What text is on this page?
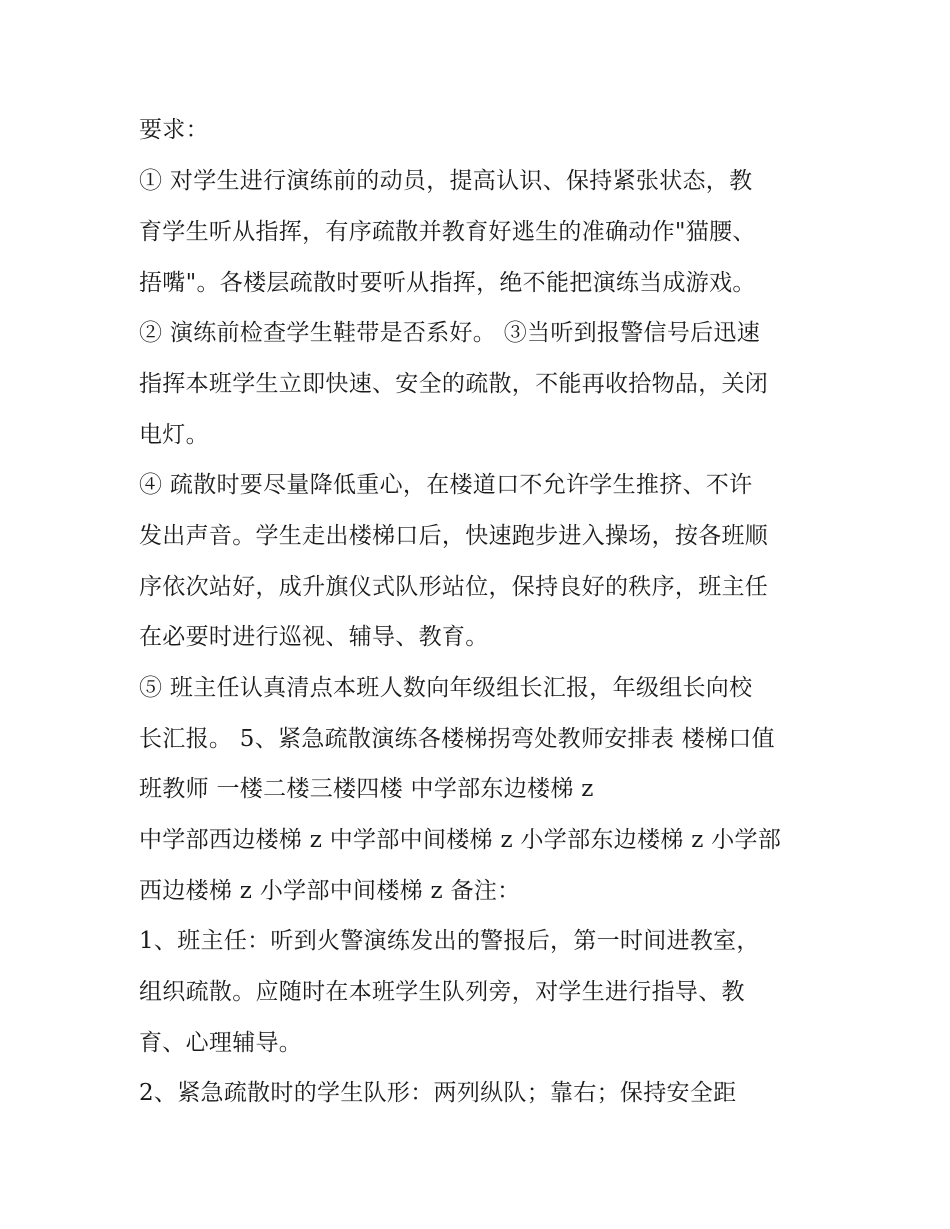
要求：
① 对学生进行演练前的动员，提高认识、保持紧张状态，教
育学生听从指挥，有序疏散并教育好逃生的准确动作"猫腰、
捂嘴"。各楼层疏散时要听从指挥，绝不能把演练当成游戏。
② 演练前检查学生鞋带是否系好。 ③当听到报警信号后迅速
指挥本班学生立即快速、安全的疏散，不能再收拾物品，关闭
电灯。
④ 疏散时要尽量降低重心，在楼道口不允许学生推挤、不许
发出声音。学生走出楼梯口后，快速跑步进入操场，按各班顺
序依次站好，成升旗仪式队形站位，保持良好的秩序，班主任
在必要时进行巡视、辅导、教育。
⑤ 班主任认真清点本班人数向年级组长汇报，年级组长向校
长汇报。 5、紧急疏散演练各楼梯拐弯处教师安排表 楼梯口值
班教师 一楼二楼三楼四楼 中学部东边楼梯 z
中学部西边楼梯 z 中学部中间楼梯 z 小学部东边楼梯 z 小学部
西边楼梯 z 小学部中间楼梯 z 备注：
1、班主任：听到火警演练发出的警报后，第一时间进教室，
组织疏散。应随时在本班学生队列旁，对学生进行指导、教
育、心理辅导。
2、紧急疏散时的学生队形：两列纵队；靠右；保持安全距
